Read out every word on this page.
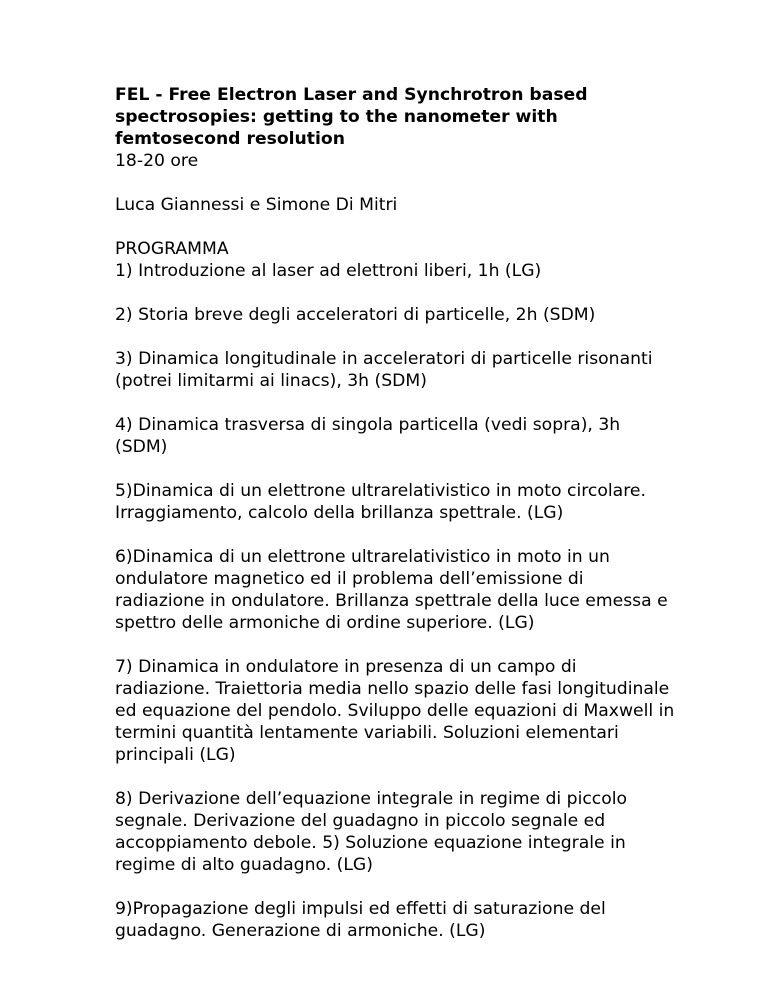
FEL - Free Electron Laser and Synchrotron based spectrosopies: getting to the nanometer with femtosecond resolution

18-20 ore

Luca Giannessi e Simone Di Mitri

PROGRAMMA

1) Introduzione al laser ad elettroni liberi, 1h (LG)

2) Storia breve degli acceleratori di particelle, 2h (SDM)

3) Dinamica longitudinale in acceleratori di particelle risonanti (potrei limitarmi ai linacs), 3h (SDM)

4) Dinamica trasversa di singola particella (vedi sopra), 3h (SDM)

5)Dinamica di un elettrone ultrarelativistico in moto circolare. Irraggiamento, calcolo della brillanza spettrale. (LG)

6)Dinamica di un elettrone ultrarelativistico in moto in un ondulatore magnetico ed il problema dell’emissione di radiazione in ondulatore. Brillanza spettrale della luce emessa e spettro delle armoniche di ordine superiore. (LG)

7) Dinamica in ondulatore in presenza di un campo di radiazione. Traiettoria media nello spazio delle fasi longitudinale ed equazione del pendolo. Sviluppo delle equazioni di Maxwell in termini quantità lentamente variabili. Soluzioni elementari principali (LG)

8) Derivazione dell’equazione integrale in regime di piccolo segnale. Derivazione del guadagno in piccolo segnale ed accoppiamento debole. 5) Soluzione equazione integrale in regime di alto guadagno. (LG)

9)Propagazione degli impulsi ed effetti di saturazione del guadagno. Generazione di armoniche. (LG)
